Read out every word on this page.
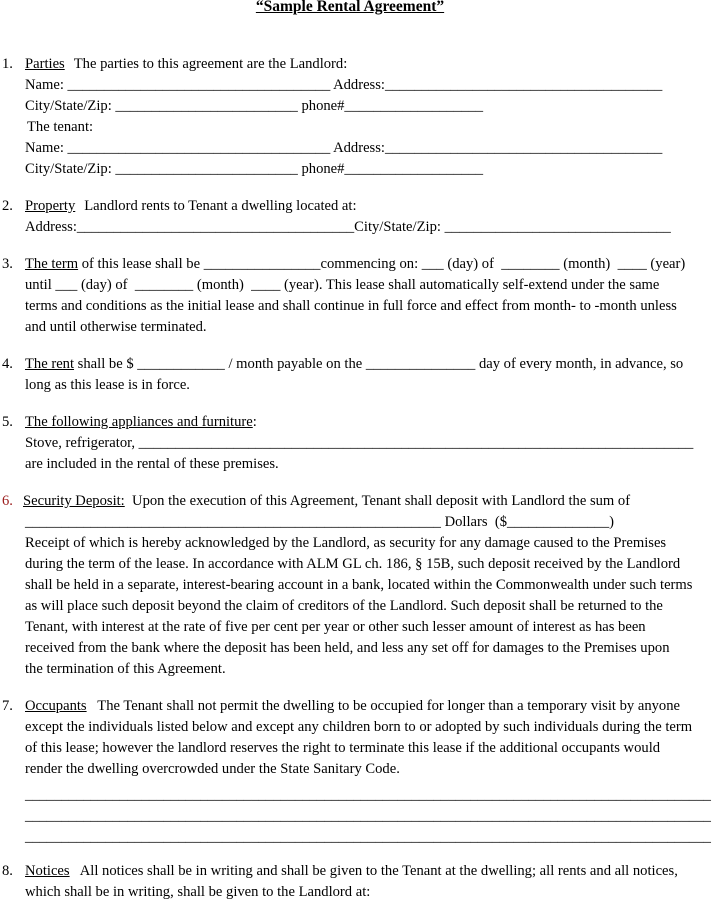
“Sample Rental Agreement”
1. Parties The parties to this agreement are the Landlord:
Name: ____________________________________ Address:______________________________________
City/State/Zip: _________________________ phone#___________________
The tenant:
Name: ____________________________________ Address:______________________________________
City/State/Zip: _________________________ phone#___________________
2. Property Landlord rents to Tenant a dwelling located at:
Address:______________________________________City/State/Zip: _______________________________
3. The term of this lease shall be ________________commencing on: ___ (day) of  ________ (month)  ____ (year)
until ___ (day) of  ________ (month)  ____ (year). This lease shall automatically self-extend under the same
terms and conditions as the initial lease and shall continue in full force and effect from month- to -month unless
and until otherwise terminated.
4. The rent shall be $ ____________ / month payable on the _______________ day of every month, in advance, so
long as this lease is in force.
5. The following appliances and furniture:
Stove, refrigerator, ____________________________________________________________________________
are included in the rental of these premises.
6. Security Deposit:  Upon the execution of this Agreement, Tenant shall deposit with Landlord the sum of
_________________________________________________________ Dollars  ($______________)
Receipt of which is hereby acknowledged by the Landlord, as security for any damage caused to the Premises
during the term of the lease. In accordance with ALM GL ch. 186, § 15B, such deposit received by the Landlord
shall be held in a separate, interest-bearing account in a bank, located within the Commonwealth under such terms
as will place such deposit beyond the claim of creditors of the Landlord. Such deposit shall be returned to the
Tenant, with interest at the rate of five per cent per year or other such lesser amount of interest as has been
received from the bank where the deposit has been held, and less any set off for damages to the Premises upon
the termination of this Agreement.
7. Occupants   The Tenant shall not permit the dwelling to be occupied for longer than a temporary visit by anyone
except the individuals listed below and except any children born to or adopted by such individuals during the term
of this lease; however the landlord reserves the right to terminate this lease if the additional occupants would
render the dwelling overcrowded under the State Sanitary Code.
______________________________________________________________________________________________
______________________________________________________________________________________________
______________________________________________________________________________________________
8. Notices   All notices shall be in writing and shall be given to the Tenant at the dwelling; all rents and all notices,
which shall be in writing, shall be given to the Landlord at:
